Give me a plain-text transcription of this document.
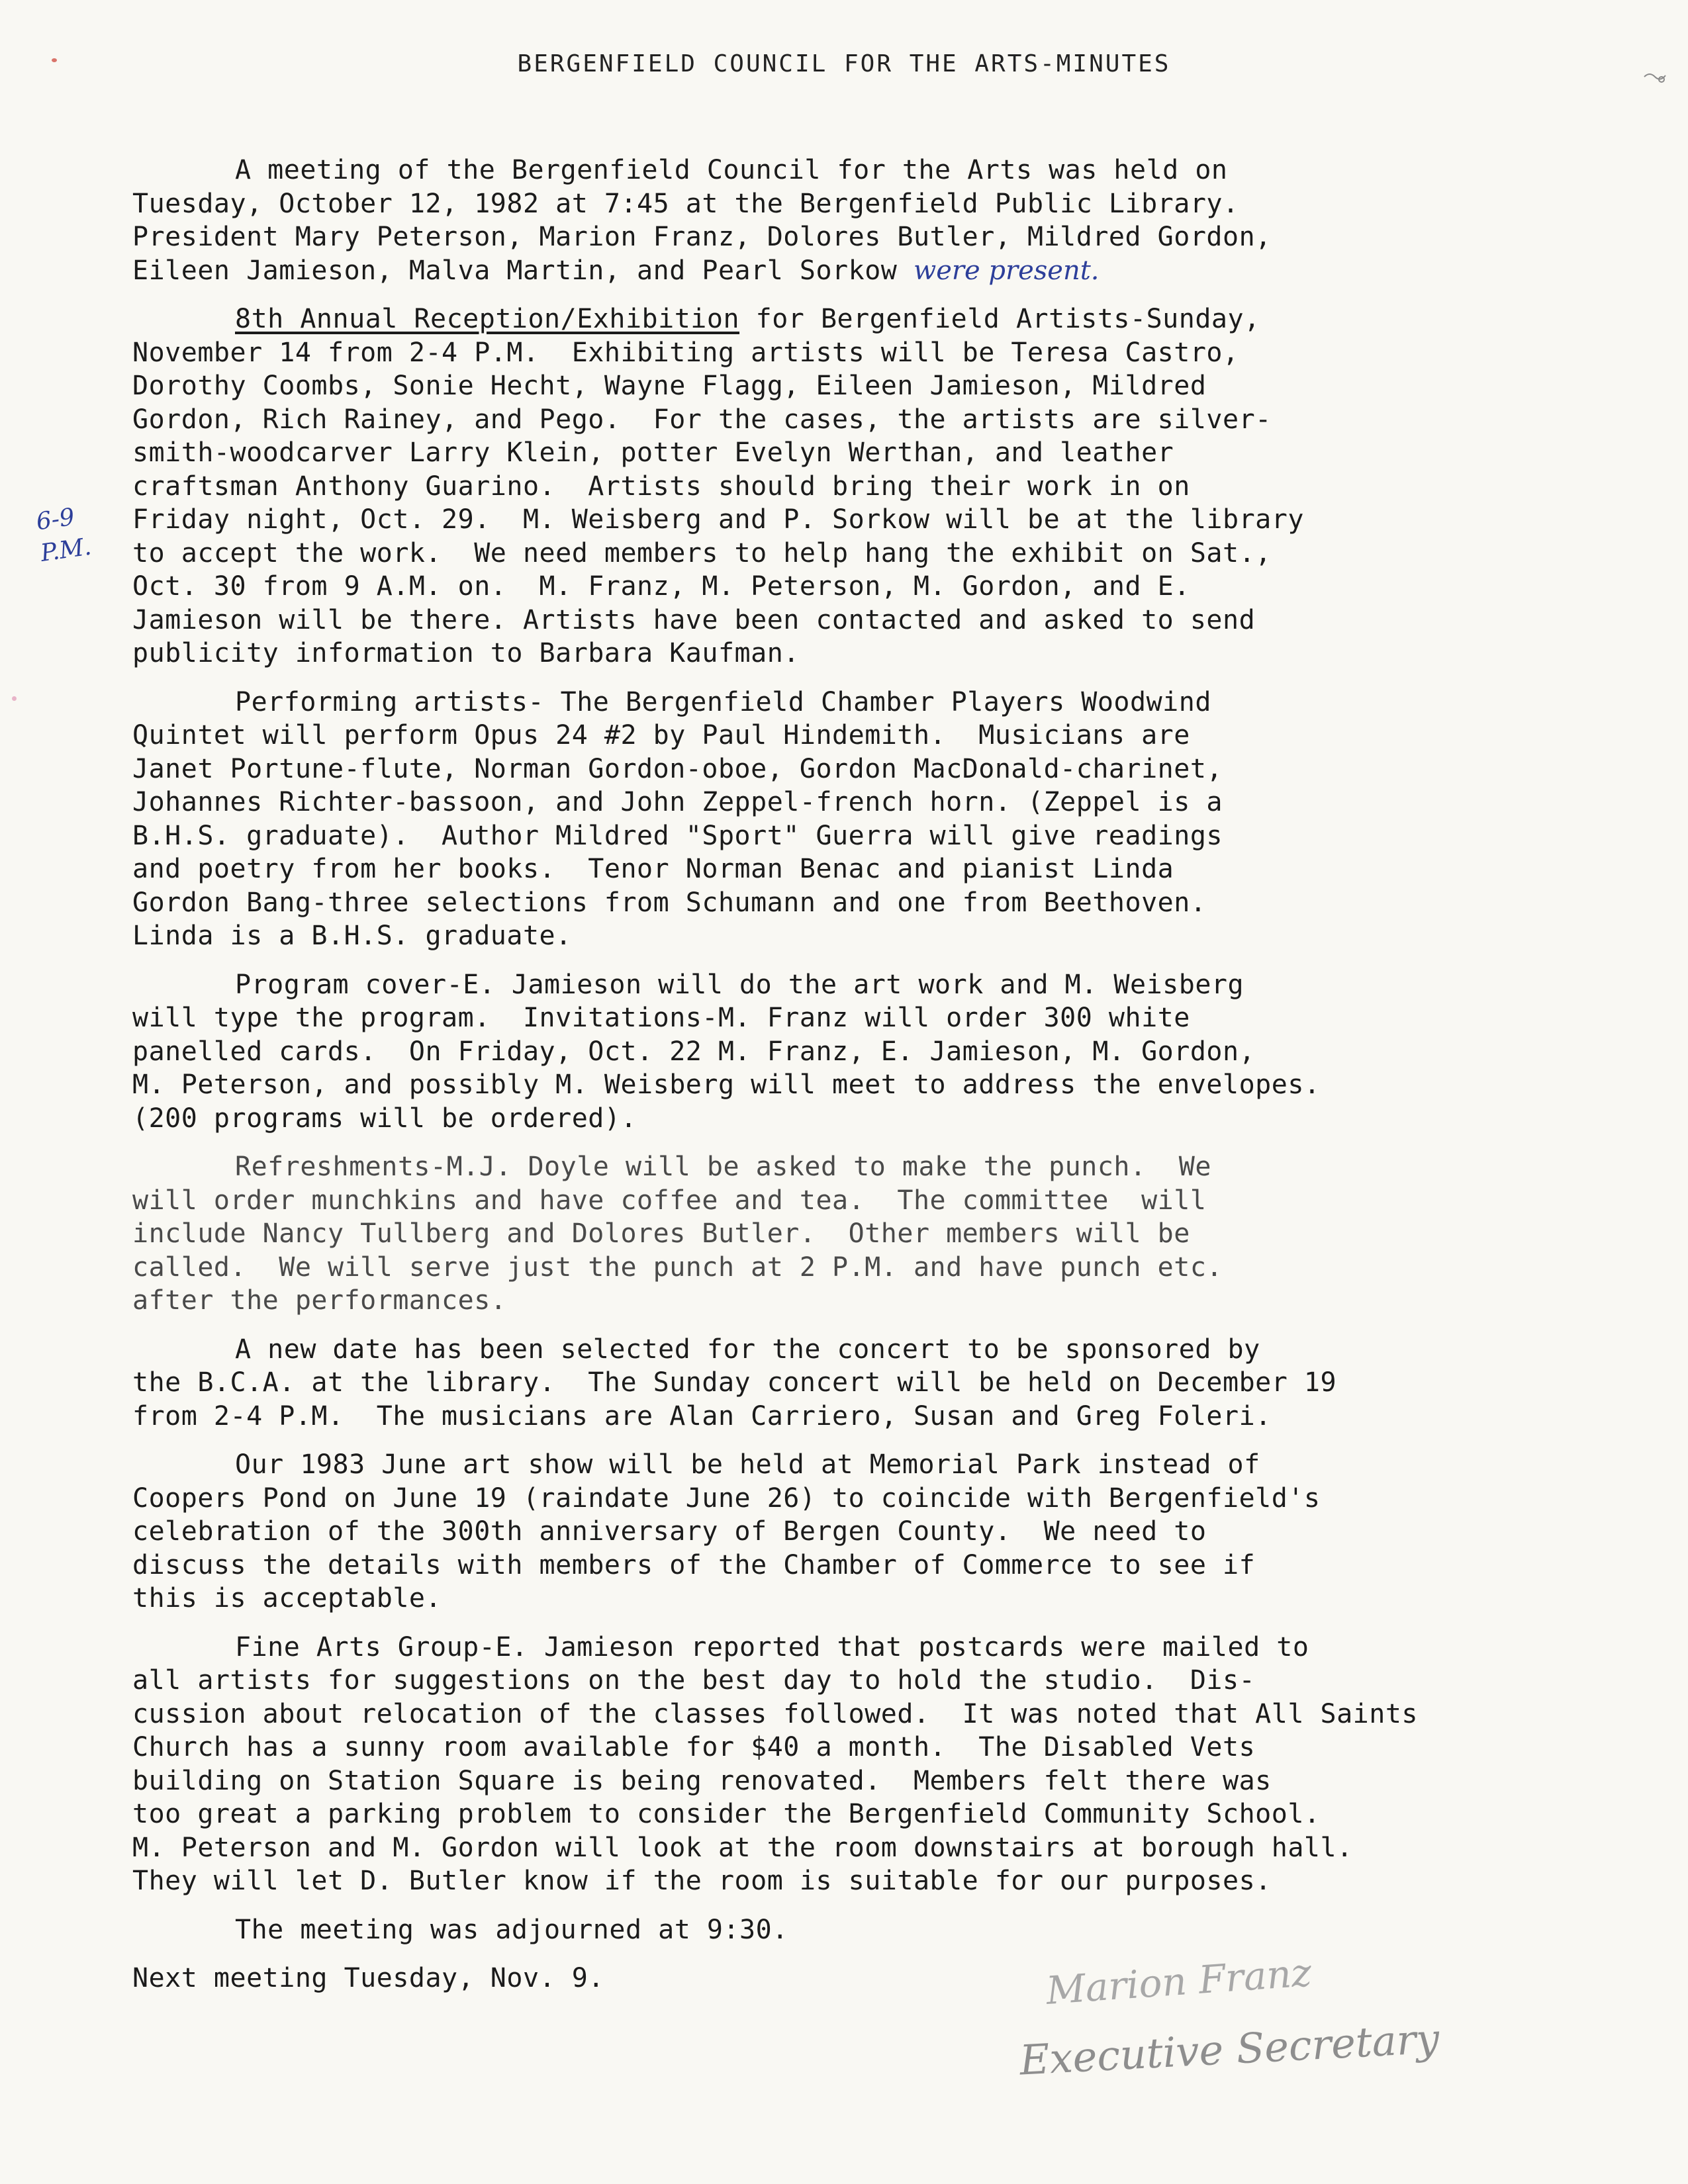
BERGENFIELD COUNCIL FOR THE ARTS-MINUTES
A meeting of the Bergenfield Council for the Arts was held on
Tuesday, October 12, 1982 at 7:45 at the Bergenfield Public Library.
President Mary Peterson, Marion Franz, Dolores Butler, Mildred Gordon,
Eileen Jamieson, Malva Martin, and Pearl Sorkow were present.
8th Annual Reception/Exhibition for Bergenfield Artists-Sunday,
November 14 from 2-4 P.M.  Exhibiting artists will be Teresa Castro,
Dorothy Coombs, Sonie Hecht, Wayne Flagg, Eileen Jamieson, Mildred
Gordon, Rich Rainey, and Pego.  For the cases, the artists are silver-
smith-woodcarver Larry Klein, potter Evelyn Werthan, and leather
craftsman Anthony Guarino.  Artists should bring their work in on
Friday night, Oct. 29.  M. Weisberg and P. Sorkow will be at the library
to accept the work.  We need members to help hang the exhibit on Sat.,
Oct. 30 from 9 A.M. on.  M. Franz, M. Peterson, M. Gordon, and E.
Jamieson will be there. Artists have been contacted and asked to send
publicity information to Barbara Kaufman.
Performing artists- The Bergenfield Chamber Players Woodwind
Quintet will perform Opus 24 #2 by Paul Hindemith.  Musicians are
Janet Portune-flute, Norman Gordon-oboe, Gordon MacDonald-charinet,
Johannes Richter-bassoon, and John Zeppel-french horn. (Zeppel is a
B.H.S. graduate).  Author Mildred "Sport" Guerra will give readings
and poetry from her books.  Tenor Norman Benac and pianist Linda
Gordon Bang-three selections from Schumann and one from Beethoven.
Linda is a B.H.S. graduate.
Program cover-E. Jamieson will do the art work and M. Weisberg
will type the program.  Invitations-M. Franz will order 300 white
panelled cards.  On Friday, Oct. 22 M. Franz, E. Jamieson, M. Gordon,
M. Peterson, and possibly M. Weisberg will meet to address the envelopes.
(200 programs will be ordered).
Refreshments-M.J. Doyle will be asked to make the punch.  We
will order munchkins and have coffee and tea.  The committee  will
include Nancy Tullberg and Dolores Butler.  Other members will be
called.  We will serve just the punch at 2 P.M. and have punch etc.
after the performances.
A new date has been selected for the concert to be sponsored by
the B.C.A. at the library.  The Sunday concert will be held on December 19
from 2-4 P.M.  The musicians are Alan Carriero, Susan and Greg Foleri.
Our 1983 June art show will be held at Memorial Park instead of
Coopers Pond on June 19 (raindate June 26) to coincide with Bergenfield's
celebration of the 300th anniversary of Bergen County.  We need to
discuss the details with members of the Chamber of Commerce to see if
this is acceptable.
Fine Arts Group-E. Jamieson reported that postcards were mailed to
all artists for suggestions on the best day to hold the studio.  Dis-
cussion about relocation of the classes followed.  It was noted that All Saints
Church has a sunny room available for $40 a month.  The Disabled Vets
building on Station Square is being renovated.  Members felt there was
too great a parking problem to consider the Bergenfield Community School.
M. Peterson and M. Gordon will look at the room downstairs at borough hall.
They will let D. Butler know if the room is suitable for our purposes.
The meeting was adjourned at 9:30.
Next meeting Tuesday, Nov. 9.
6-9
P.M.
Marion Franz
Executive Secretary
